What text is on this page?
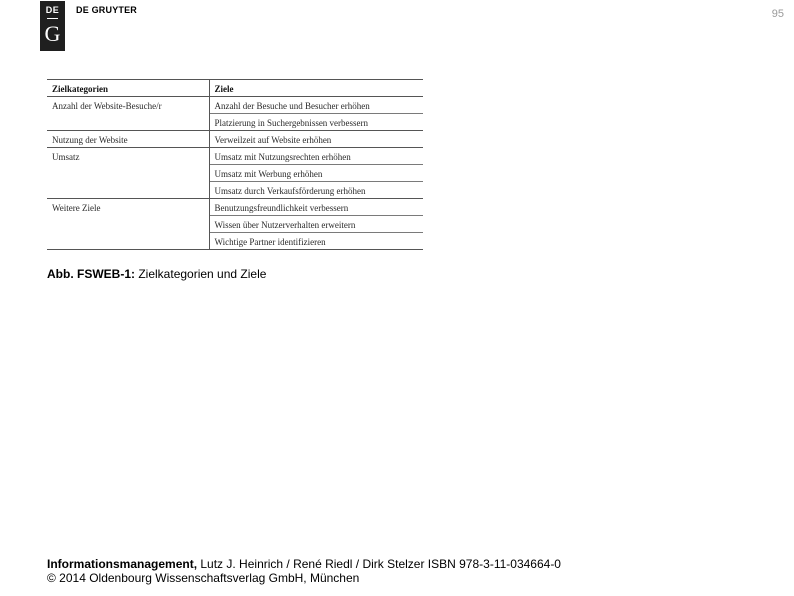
DE
G
DE GRUYTER	95
Zielkategorien	Ziele
Anzahl der Website-Besuche/r	Anzahl der Besuche und Besucher erhöhen
	Platzierung in Suchergebnissen verbessern
Nutzung der Website	Verweilzeit auf Website erhöhen
Umsatz	Umsatz mit Nutzungsrechten erhöhen
	Umsatz mit Werbung erhöhen
	Umsatz durch Verkaufsförderung erhöhen
Weitere Ziele	Benutzungsfreundlichkeit verbessern
	Wissen über Nutzerverhalten erweitern
	Wichtige Partner identifizieren
Abb. FSWEB-1: Zielkategorien und Ziele
Informationsmanagement, Lutz J. Heinrich / René Riedl / Dirk Stelzer ISBN 978-3-11-034664-0
© 2014 Oldenbourg Wissenschaftsverlag GmbH, München
